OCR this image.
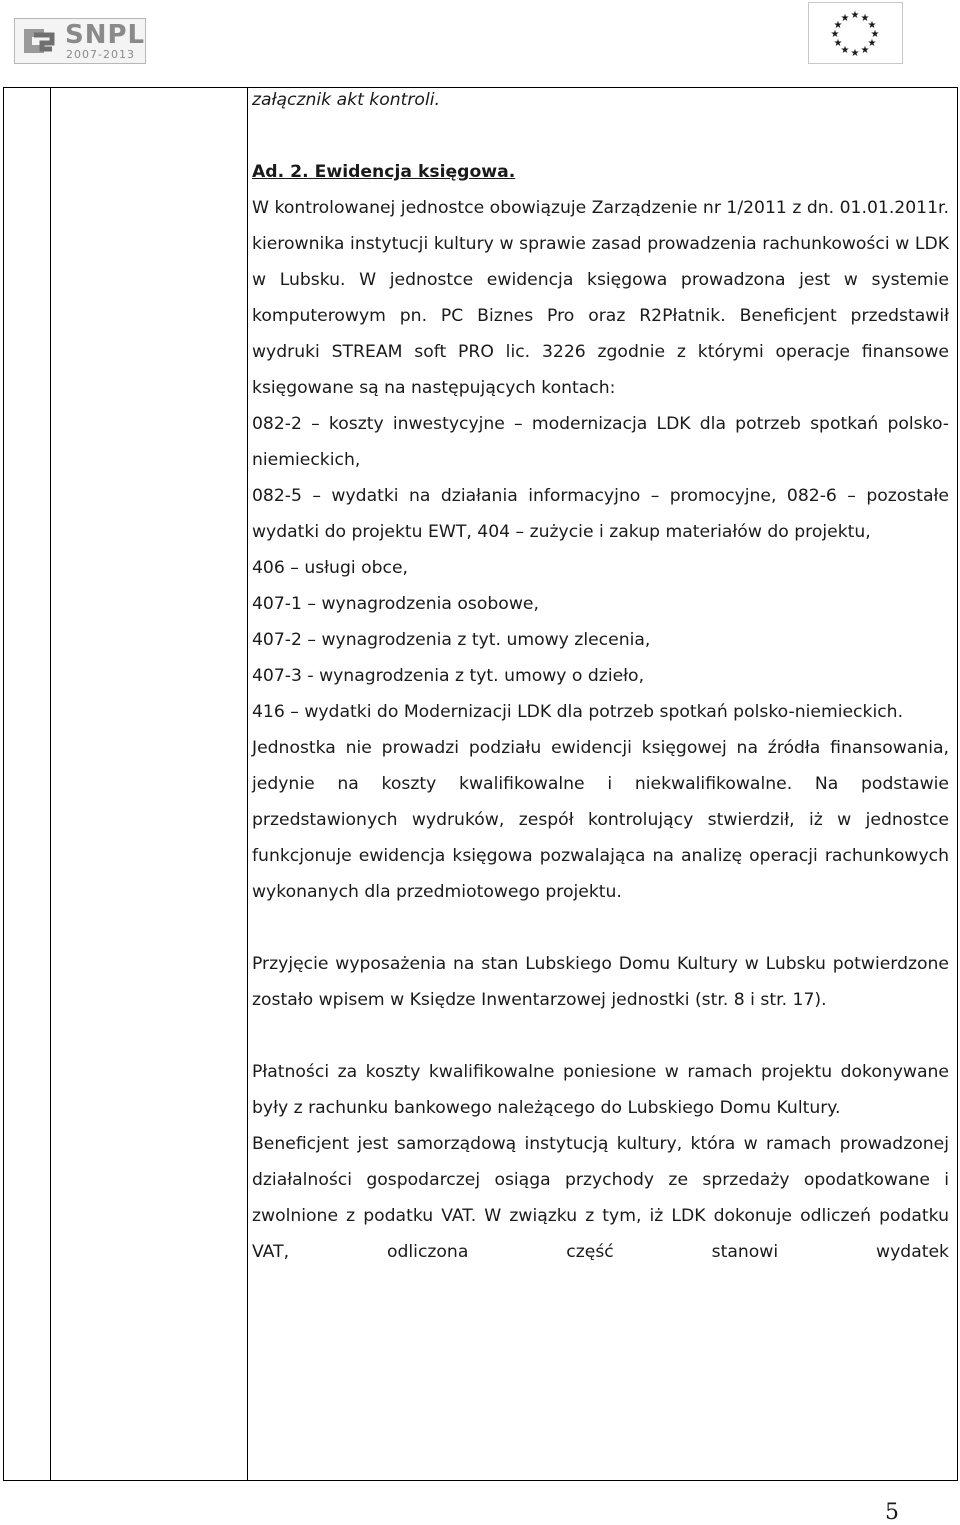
SNPL
2007-2013
★ ★
★
★
★
★
★
★
★
★
★
★

załącznik akt kontroli.

Ad. 2. Ewidencja księgowa.

W kontrolowanej jednostce obowiązuje Zarządzenie nr 1/2011 z dn. 01.01.2011r. kierownika instytucji kultury w sprawie zasad prowadzenia rachunkowości w LDK w Lubsku. W jednostce ewidencja księgowa prowadzona jest w systemie komputerowym pn. PC Biznes Pro oraz R2Płatnik. Beneficjent przedstawił wydruki STREAM soft PRO lic. 3226 zgodnie z którymi operacje finansowe księgowane są na następujących kontach:

082-2 – koszty inwestycyjne – modernizacja LDK dla potrzeb spotkań polsko-niemieckich,

082-5 – wydatki na działania informacyjno – promocyjne, 082-6 – pozostałe wydatki do projektu EWT, 404 – zużycie i zakup materiałów do projektu,

406 – usługi obce,

407-1 – wynagrodzenia osobowe,

407-2 – wynagrodzenia z tyt. umowy zlecenia,

407-3 - wynagrodzenia z tyt. umowy o dzieło,

416 – wydatki do Modernizacji LDK dla potrzeb spotkań polsko-niemieckich.

Jednostka nie prowadzi podziału ewidencji księgowej na źródła finansowania, jedynie na koszty kwalifikowalne i niekwalifikowalne. Na podstawie przedstawionych wydruków, zespół kontrolujący stwierdził, iż w jednostce funkcjonuje ewidencja księgowa pozwalająca na analizę operacji rachunkowych wykonanych dla przedmiotowego projektu.

Przyjęcie wyposażenia na stan Lubskiego Domu Kultury w Lubsku potwierdzone zostało wpisem w Księdze Inwentarzowej jednostki (str. 8 i str. 17).

Płatności za koszty kwalifikowalne poniesione w ramach projektu dokonywane były z rachunku bankowego należącego do Lubskiego Domu Kultury.

Beneficjent jest samorządową instytucją kultury, która w ramach prowadzonej działalności gospodarczej osiąga przychody ze sprzedaży opodatkowane i zwolnione z podatku VAT. W związku z tym, iż LDK dokonuje odliczeń podatku VAT, odliczona część stanowi wydatek

5
